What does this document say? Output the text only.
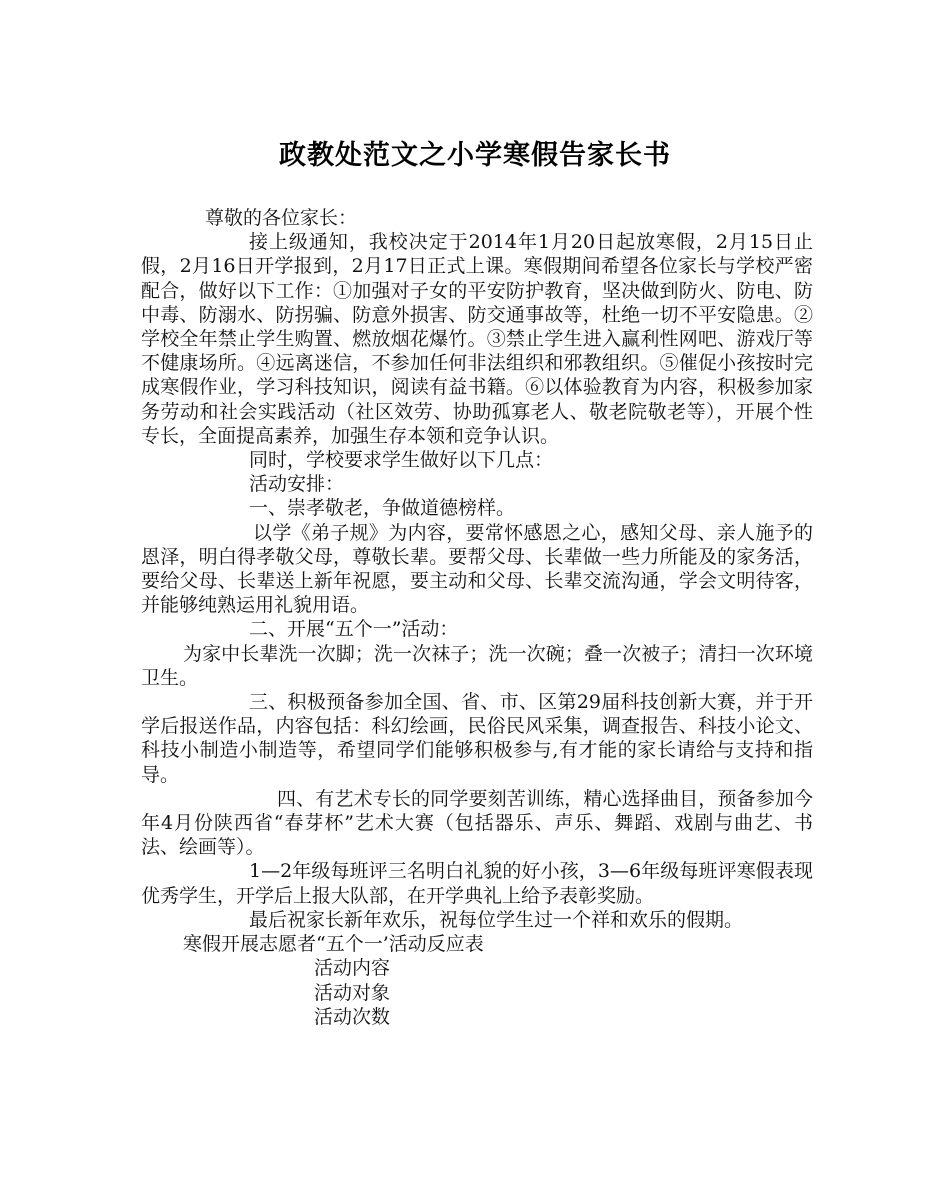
政教处范文之小学寒假告家长书

尊敬的各位家长：

接上级通知，我校决定于2014年1月20日起放寒假，2月15日止假，2月16日开学报到，2月17日正式上课。寒假期间希望各位家长与学校严密配合，做好以下工作：①加强对子女的平安防护教育，坚决做到防火、防电、防中毒、防溺水、防拐骗、防意外损害、防交通事故等，杜绝一切不平安隐患。②学校全年禁止学生购置、燃放烟花爆竹。③禁止学生进入赢利性网吧、游戏厅等不健康场所。④远离迷信，不参加任何非法组织和邪教组织。⑤催促小孩按时完成寒假作业，学习科技知识，阅读有益书籍。⑥以体验教育为内容，积极参加家务劳动和社会实践活动（社区效劳、协助孤寡老人、敬老院敬老等），开展个性专长，全面提高素养，加强生存本领和竞争认识。

同时，学校要求学生做好以下几点：

活动安排：

一、崇孝敬老，争做道德榜样。

以学《弟子规》为内容，要常怀感恩之心，感知父母、亲人施予的恩泽，明白得孝敬父母，尊敬长辈。要帮父母、长辈做一些力所能及的家务活，要给父母、长辈送上新年祝愿，要主动和父母、长辈交流沟通，学会文明待客，并能够纯熟运用礼貌用语。

二、开展“五个一”活动：

为家中长辈洗一次脚；洗一次袜子；洗一次碗；叠一次被子；清扫一次环境卫生。

三、积极预备参加全国、省、市、区第29届科技创新大赛，并于开学后报送作品，内容包括：科幻绘画，民俗民风采集，调查报告、科技小论文、科技小制造小制造等，希望同学们能够积极参与,有才能的家长请给与支持和指导。

四、有艺术专长的同学要刻苦训练，精心选择曲目，预备参加今年4月份陕西省“春芽杯”艺术大赛（包括器乐、声乐、舞蹈、戏剧与曲艺、书法、绘画等）。

1—2年级每班评三名明白礼貌的好小孩，3—6年级每班评寒假表现优秀学生，开学后上报大队部，在开学典礼上给予表彰奖励。

最后祝家长新年欢乐，祝每位学生过一个祥和欢乐的假期。

寒假开展志愿者“五个一’活动反应表

活动内容

活动对象

活动次数
